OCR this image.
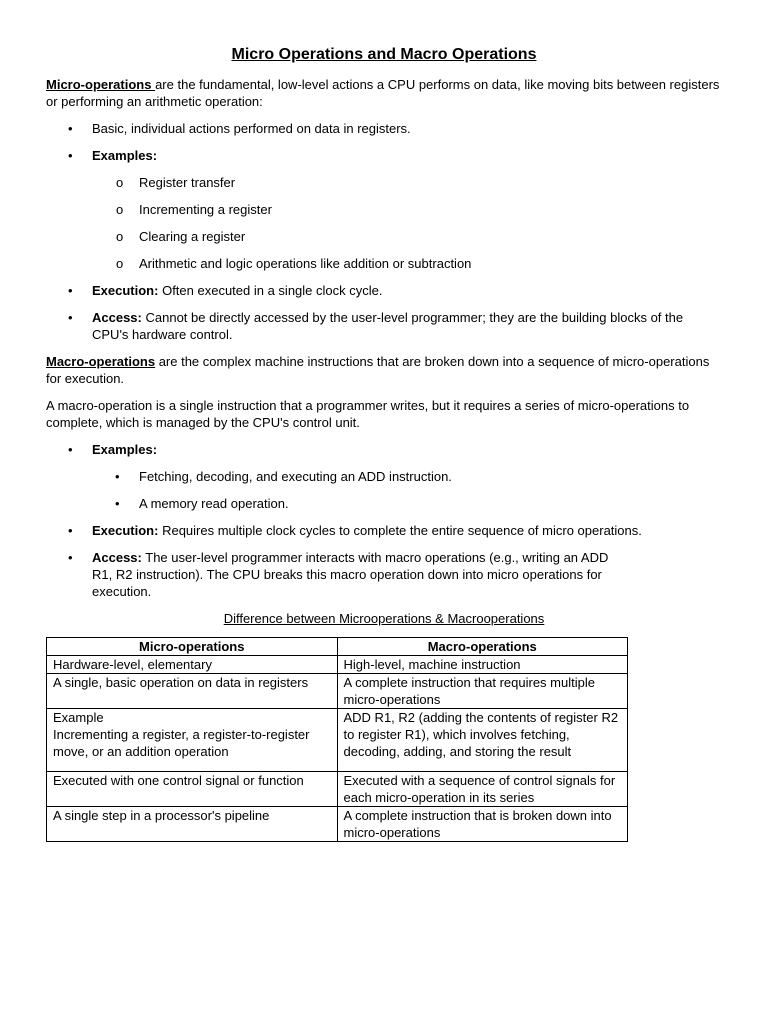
Micro Operations and Macro Operations

Micro-operations are the fundamental, low-level actions a CPU performs on data, like moving bits between registers or performing an arithmetic operation:

• Basic, individual actions performed on data in registers.
• Examples:
o Register transfer
o Incrementing a register
o Clearing a register
o Arithmetic and logic operations like addition or subtraction
• Execution: Often executed in a single clock cycle.
• Access: Cannot be directly accessed by the user-level programmer; they are the building blocks of the CPU's hardware control.

Macro-operations are the complex machine instructions that are broken down into a sequence of micro-operations for execution.

A macro-operation is a single instruction that a programmer writes, but it requires a series of micro-operations to complete, which is managed by the CPU's control unit.

• Examples:
• Fetching, decoding, and executing an ADD instruction.
• A memory read operation.
• Execution: Requires multiple clock cycles to complete the entire sequence of micro operations.
• Access: The user-level programmer interacts with macro operations (e.g., writing an ADD R1, R2 instruction). The CPU breaks this macro operation down into micro operations for execution.
Difference between Microoperations & Macrooperations
Micro-operations	Macro-operations
Hardware-level, elementary	High-level, machine instruction
A single, basic operation on data in registers	A complete instruction that requires multiple micro-operations
Example
Incrementing a register, a register-to-register move, or an addition operation	ADD R1, R2 (adding the contents of register R2 to register R1), which involves fetching, decoding, adding, and storing the result
Executed with one control signal or function	Executed with a sequence of control signals for each micro-operation in its series
A single step in a processor's pipeline	A complete instruction that is broken down into micro-operations
